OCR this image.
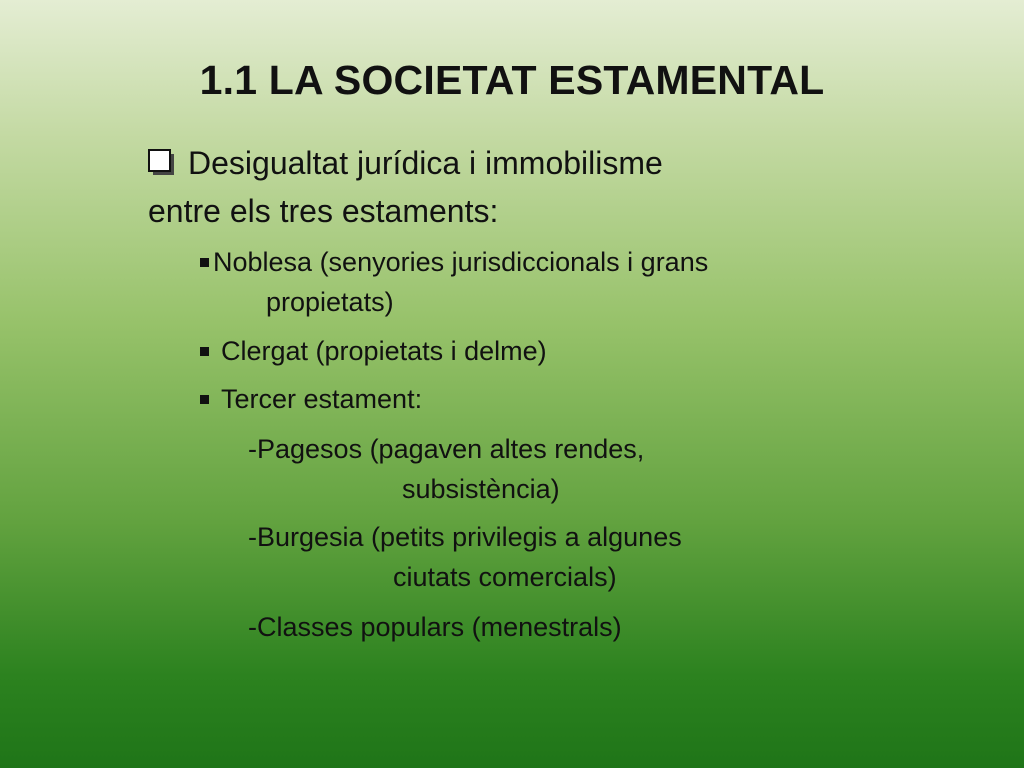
1.1 LA SOCIETAT ESTAMENTAL
Desigualtat jurídica i immobilisme
entre els tres estaments:
Noblesa (senyories jurisdiccionals i grans
propietats)
Clergat (propietats i delme)
Tercer estament:
-Pagesos (pagaven altes rendes,
subsistència)
-Burgesia (petits privilegis a algunes
ciutats comercials)
-Classes populars (menestrals)
